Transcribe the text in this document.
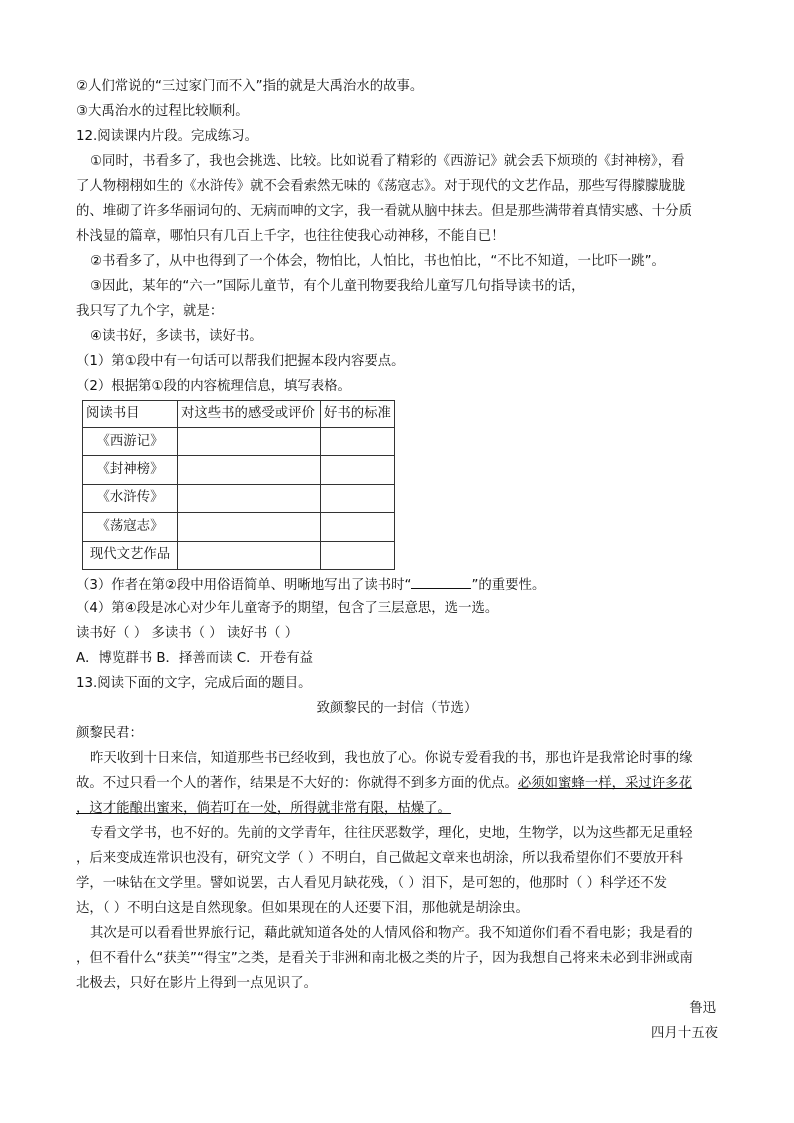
②人们常说的“三过家门而不入”指的就是大禹治水的故事。
③大禹治水的过程比较顺利。
12.阅读课内片段。完成练习。
①同时，书看多了，我也会挑选、比较。比如说看了精彩的《西游记》就会丢下烦琐的《封神榜》，看
了人物栩栩如生的《水浒传》就不会看索然无味的《荡寇志》。对于现代的文艺作品，那些写得朦朦胧胧
的、堆砌了许多华丽词句的、无病而呻的文字，我一看就从脑中抹去。但是那些满带着真情实感、十分质
朴浅显的篇章，哪怕只有几百上千字，也往往使我心动神移，不能自已！
②书看多了，从中也得到了一个体会，物怕比，人怕比，书也怕比，“不比不知道，一比吓一跳”。
③因此，某年的“六一”国际儿童节，有个儿童刊物要我给儿童写几句指导读书的话，
我只写了九个字，就是：
④读书好，多读书，读好书。
（1）第①段中有一句话可以帮我们把握本段内容要点。
（2）根据第①段的内容梳理信息，填写表格。
阅读书目	对这些书的感受或评价	好书的标准
《西游记》		
《封神榜》		
《水浒传》		
《荡寇志》		
现代文艺作品		
（3）作者在第②段中用俗语简单、明晰地写出了读书时“	”的重要性。
（4）第④段是冰心对少年儿童寄予的期望，包含了三层意思，选一选。
读书好（ ） 多读书（ ） 读好书（ ）
A．博览群书 B．择善而读 C．开卷有益
13.阅读下面的文字，完成后面的题目。
致颜黎民的一封信（节选）
颜黎民君：
昨天收到十日来信，知道那些书已经收到，我也放了心。你说专爱看我的书，那也许是我常论时事的缘
故。不过只看一个人的著作，结果是不大好的：你就得不到多方面的优点。必须如蜜蜂一样，采过许多花
，这才能酿出蜜来，倘若叮在一处，所得就非常有限，枯燥了。
专看文学书，也不好的。先前的文学青年，往往厌恶数学，理化，史地，生物学，以为这些都无足重轻
，后来变成连常识也没有，研究文学（ ）不明白，自己做起文章来也胡涂，所以我希望你们不要放开科
学，一味钻在文学里。譬如说罢，古人看见月缺花残，（ ）泪下，是可恕的，他那时（ ）科学还不发
达，（ ）不明白这是自然现象。但如果现在的人还要下泪，那他就是胡涂虫。
其次是可以看看世界旅行记，藉此就知道各处的人情风俗和物产。我不知道你们看不看电影；我是看的
，但不看什么“获美”“得宝”之类，是看关于非洲和南北极之类的片子，因为我想自己将来未必到非洲或南
北极去，只好在影片上得到一点见识了。
鲁迅
四月十五夜
